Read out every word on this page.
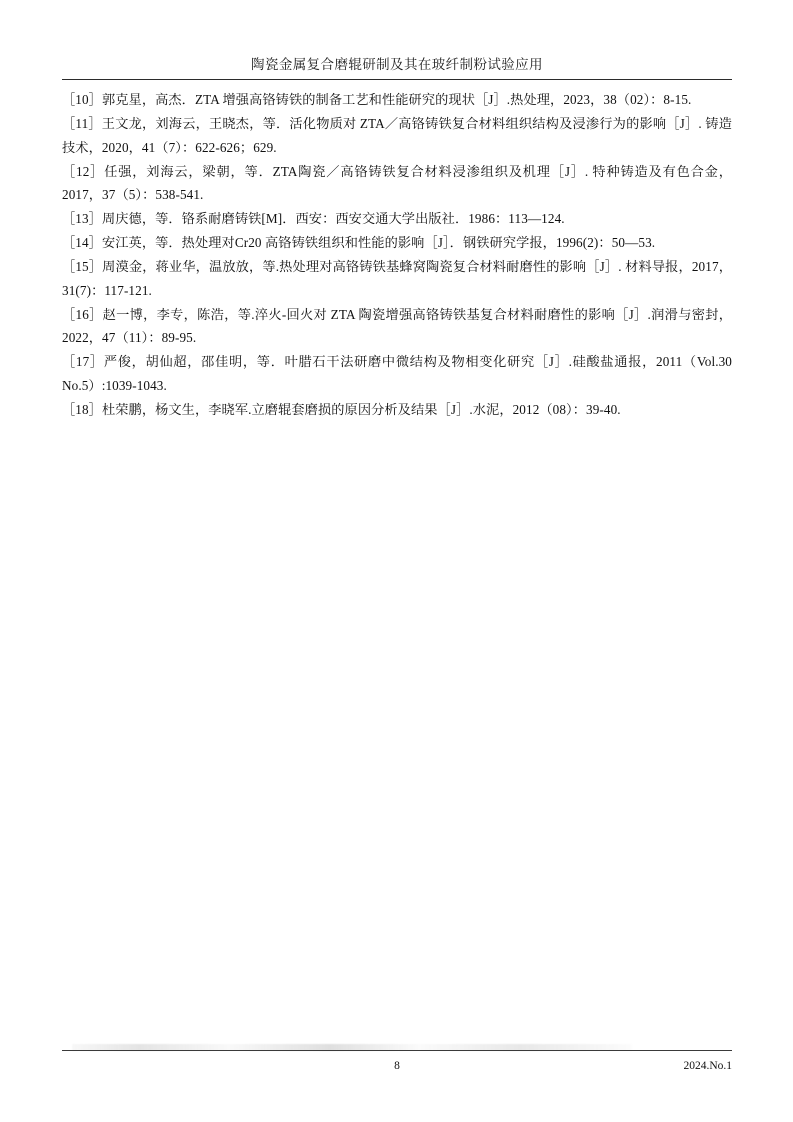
陶瓷金属复合磨辊研制及其在玻纤制粉试验应用

［10］郭克星，高杰．ZTA 增强高铬铸铁的制备工艺和性能研究的现状［J］.热处理，2023，38（02）：8-15.

［11］王文龙，刘海云，王晓杰，等．活化物质对 ZTA／高铬铸铁复合材料组织结构及浸渗行为的影响［J］. 铸造技术，2020，41（7）：622-626；629.

［12］任强，刘海云，梁朝，等．ZTA陶瓷／高铬铸铁复合材料浸渗组织及机理［J］. 特种铸造及有色合金，2017，37（5）：538-541.

［13］周庆德，等．铬系耐磨铸铁[M]．西安：西安交通大学出版社．1986：113—124.

［14］安江英，等．热处理对Cr20 高铬铸铁组织和性能的影响［J］．钢铁研究学报，1996(2)：50—53.

［15］周漠金，蒋业华，温放放，等.热处理对高铬铸铁基蜂窝陶瓷复合材料耐磨性的影响［J］. 材料导报，2017，31(7)：117-121.

［16］赵一博，李专，陈浩，等.淬火-回火对 ZTA 陶瓷增强高铬铸铁基复合材料耐磨性的影响［J］.润滑与密封，2022，47（11）：89-95.

［17］严俊，胡仙超，邵佳明，等．叶腊石干法研磨中微结构及物相变化研究［J］.硅酸盐通报，2011（Vol.30 No.5）:1039-1043.

［18］杜荣鹏，杨文生，李晓军.立磨辊套磨损的原因分析及结果［J］.水泥，2012（08）：39-40.

8	2024.No.1
